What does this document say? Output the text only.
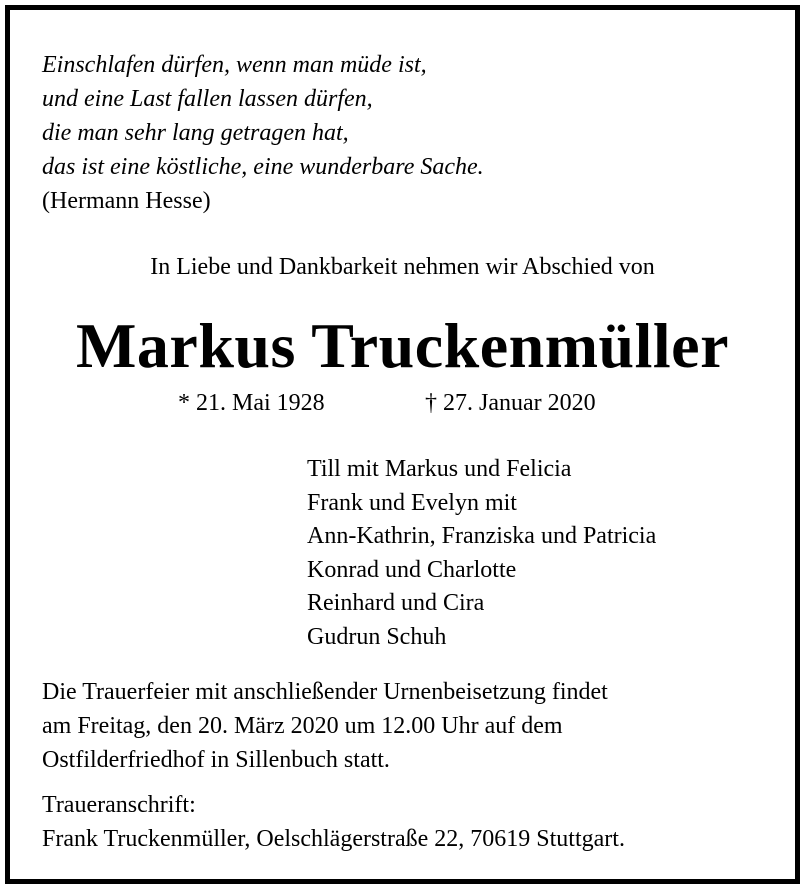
Einschlafen dürfen, wenn man müde ist,
und eine Last fallen lassen dürfen,
die man sehr lang getragen hat,
das ist eine köstliche, eine wunderbare Sache.
(Hermann Hesse)
In Liebe und Dankbarkeit nehmen wir Abschied von
Markus Truckenmüller
* 21. Mai 1928	† 27. Januar 2020
Till mit Markus und Felicia
Frank und Evelyn mit
Ann-Kathrin, Franziska und Patricia
Konrad und Charlotte
Reinhard und Cira
Gudrun Schuh
Die Trauerfeier mit anschließender Urnenbeisetzung findet
am Freitag, den 20. März 2020 um 12.00 Uhr auf dem
Ostfilderfriedhof in Sillenbuch statt.
Traueranschrift:
Frank Truckenmüller, Oelschlägerstraße 22, 70619 Stuttgart.
